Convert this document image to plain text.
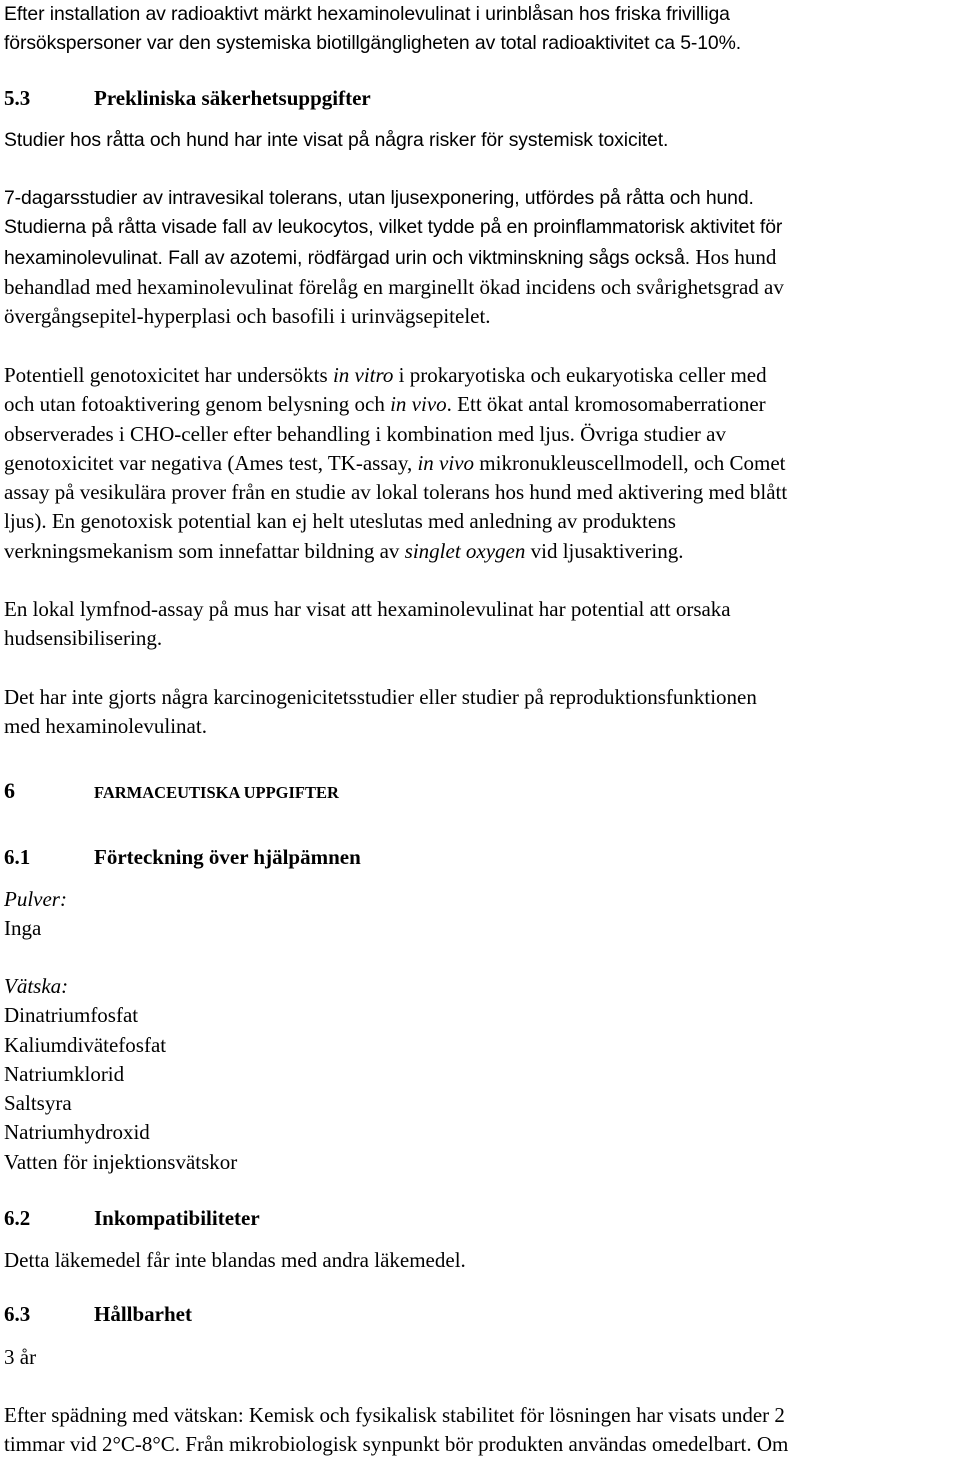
Efter installation av radioaktivt märkt hexaminolevulinat i urinblåsan hos friska frivilliga

försökspersoner var den systemiska biotillgängligheten av total radioaktivitet ca 5-10%.

5.3	Prekliniska säkerhetsuppgifter

Studier hos råtta och hund har inte visat på några risker för systemisk toxicitet.

7-dagarsstudier av intravesikal tolerans, utan ljusexponering, utfördes på råtta och hund.

Studierna på råtta visade fall av leukocytos, vilket tydde på en proinflammatorisk aktivitet för

hexaminolevulinat. Fall av azotemi, rödfärgad urin och viktminskning sågs också. Hos hund

behandlad med hexaminolevulinat förelåg en marginellt ökad incidens och svårighetsgrad av

övergångsepitel-hyperplasi och basofili i urinvägsepitelet.

Potentiell genotoxicitet har undersökts in vitro i prokaryotiska och eukaryotiska celler med

och utan fotoaktivering genom belysning och in vivo. Ett ökat antal kromosomaberrationer

observerades i CHO-celler efter behandling i kombination med ljus. Övriga studier av

genotoxicitet var negativa (Ames test, TK-assay, in vivo mikronukleuscellmodell, och Comet

assay på vesikulära prover från en studie av lokal tolerans hos hund med aktivering med blått

ljus). En genotoxisk potential kan ej helt uteslutas med anledning av produktens

verkningsmekanism som innefattar bildning av singlet oxygen vid ljusaktivering.

En lokal lymfnod-assay på mus har visat att hexaminolevulinat har potential att orsaka

hudsensibilisering.

Det har inte gjorts några karcinogenicitetsstudier eller studier på reproduktionsfunktionen

med hexaminolevulinat.

6	FARMACEUTISKA UPPGIFTER
6.1	Förteckning över hjälpämnen

Pulver:

Inga

Vätska:

Dinatriumfosfat

Kaliumdivätefosfat

Natriumklorid

Saltsyra

Natriumhydroxid

Vatten för injektionsvätskor

6.2	Inkompatibiliteter

Detta läkemedel får inte blandas med andra läkemedel.

6.3	Hållbarhet

3 år

Efter spädning med vätskan: Kemisk och fysikalisk stabilitet för lösningen har visats under 2

timmar vid 2°C-8°C. Från mikrobiologisk synpunkt bör produkten användas omedelbart. Om
